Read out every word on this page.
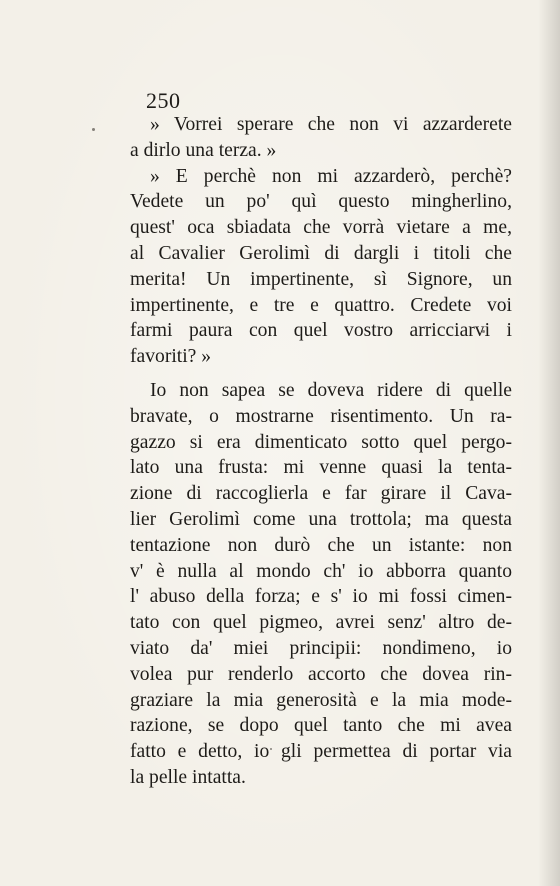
250
» Vorrei sperare che non vi azzarderete
a dirlo una terza. »
» E perchè non mi azzarderò, perchè?
Vedete un po' quì questo mingherlino,
quest' oca sbiadata che vorrà vietare a me,
al Cavalier Gerolimì di dargli i titoli che
merita! Un impertinente, sì Signore, un
impertinente, e tre e quattro. Credete voi
farmi paura con quel vostro arricciarvi i
favoriti? »
Io non sapea se doveva ridere di quelle
bravate, o mostrarne risentimento. Un ra-
gazzo si era dimenticato sotto quel pergo-
lato una frusta: mi venne quasi la tenta-
zione di raccoglierla e far girare il Cava-
lier Gerolimì come una trottola; ma questa
tentazione non durò che un istante: non
v' è nulla al mondo ch' io abborra quanto
l' abuso della forza; e s' io mi fossi cimen-
tato con quel pigmeo, avrei senz' altro de-
viato da' miei principii: nondimeno, io
volea pur renderlo accorto che dovea rin-
graziare la mia generosità e la mia mode-
razione, se dopo quel tanto che mi avea
fatto e detto, io gli permettea di portar via
la pelle intatta.
